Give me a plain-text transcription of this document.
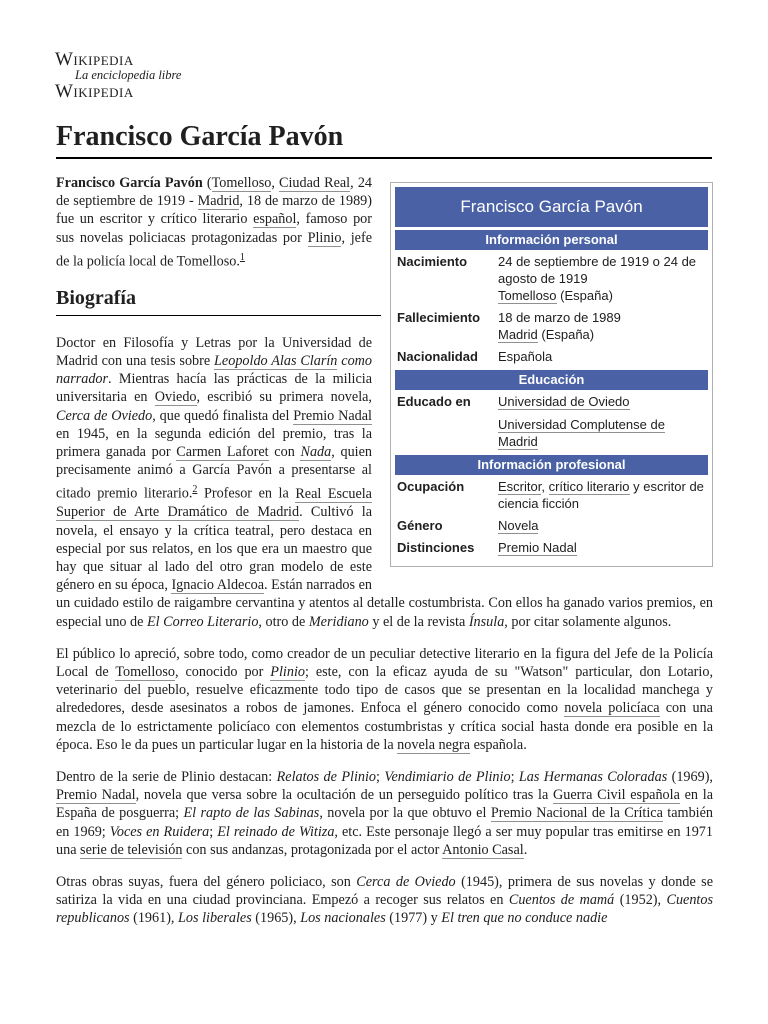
Wikipedia
La enciclopedia libre
Wikipedia
Francisco García Pavón
Francisco García Pavón
Información personal
Nacimiento	24 de septiembre de 1919 o 24 de agosto de 1919
Tomelloso (España)
Fallecimiento	18 de marzo de 1989
Madrid (España)
Nacionalidad	Española
Educación
Educado en	Universidad de Oviedo
Universidad Complutense de Madrid
Información profesional
Ocupación	Escritor, crítico literario y escritor de ciencia ficción
Género	Novela
Distinciones	Premio Nadal

Francisco García Pavón (Tomelloso, Ciudad Real, 24 de septiembre de 1919 - Madrid, 18 de marzo de 1989) fue un escritor y crítico literario español, famoso por sus novelas policiacas protagonizadas por Plinio, jefe de la policía local de Tomelloso.$^1$

Biografía

Doctor en Filosofía y Letras por la Universidad de Madrid con una tesis sobre Leopoldo Alas Clarín como narrador. Mientras hacía las prácticas de la milicia universitaria en Oviedo, escribió su primera novela, Cerca de Oviedo, que quedó finalista del Premio Nadal en 1945, en la segunda edición del premio, tras la primera ganada por Carmen Laforet con Nada, quien precisamente animó a García Pavón a presentarse al citado premio literario.$^2$ Profesor en la Real Escuela Superior de Arte Dramático de Madrid. Cultivó la novela, el ensayo y la crítica teatral, pero destaca en especial por sus relatos, en los que era un maestro que hay que situar al lado del otro gran modelo de este género en su época, Ignacio Aldecoa. Están narrados en un cuidado estilo de raigambre cervantina y atentos al detalle costumbrista. Con ellos ha ganado varios premios, en especial uno de El Correo Literario, otro de Meridiano y el de la revista Ínsula, por citar solamente algunos.

El público lo apreció, sobre todo, como creador de un peculiar detective literario en la figura del Jefe de la Policía Local de Tomelloso, conocido por Plinio; este, con la eficaz ayuda de su "Watson" particular, don Lotario, veterinario del pueblo, resuelve eficazmente todo tipo de casos que se presentan en la localidad manchega y alrededores, desde asesinatos a robos de jamones. Enfoca el género conocido como novela policíaca con una mezcla de lo estrictamente policíaco con elementos costumbristas y crítica social hasta donde era posible en la época. Eso le da pues un particular lugar en la historia de la novela negra española.

Dentro de la serie de Plinio destacan: Relatos de Plinio; Vendimiario de Plinio; Las Hermanas Coloradas (1969), Premio Nadal, novela que versa sobre la ocultación de un perseguido político tras la Guerra Civil española en la España de posguerra; El rapto de las Sabinas, novela por la que obtuvo el Premio Nacional de la Crítica también en 1969; Voces en Ruidera; El reinado de Witiza, etc. Este personaje llegó a ser muy popular tras emitirse en 1971 una serie de televisión con sus andanzas, protagonizada por el actor Antonio Casal.

Otras obras suyas, fuera del género policiaco, son Cerca de Oviedo (1945), primera de sus novelas y donde se satiriza la vida en una ciudad provinciana. Empezó a recoger sus relatos en Cuentos de mamá (1952), Cuentos republicanos (1961), Los liberales (1965), Los nacionales (1977) y El tren que no conduce nadie
